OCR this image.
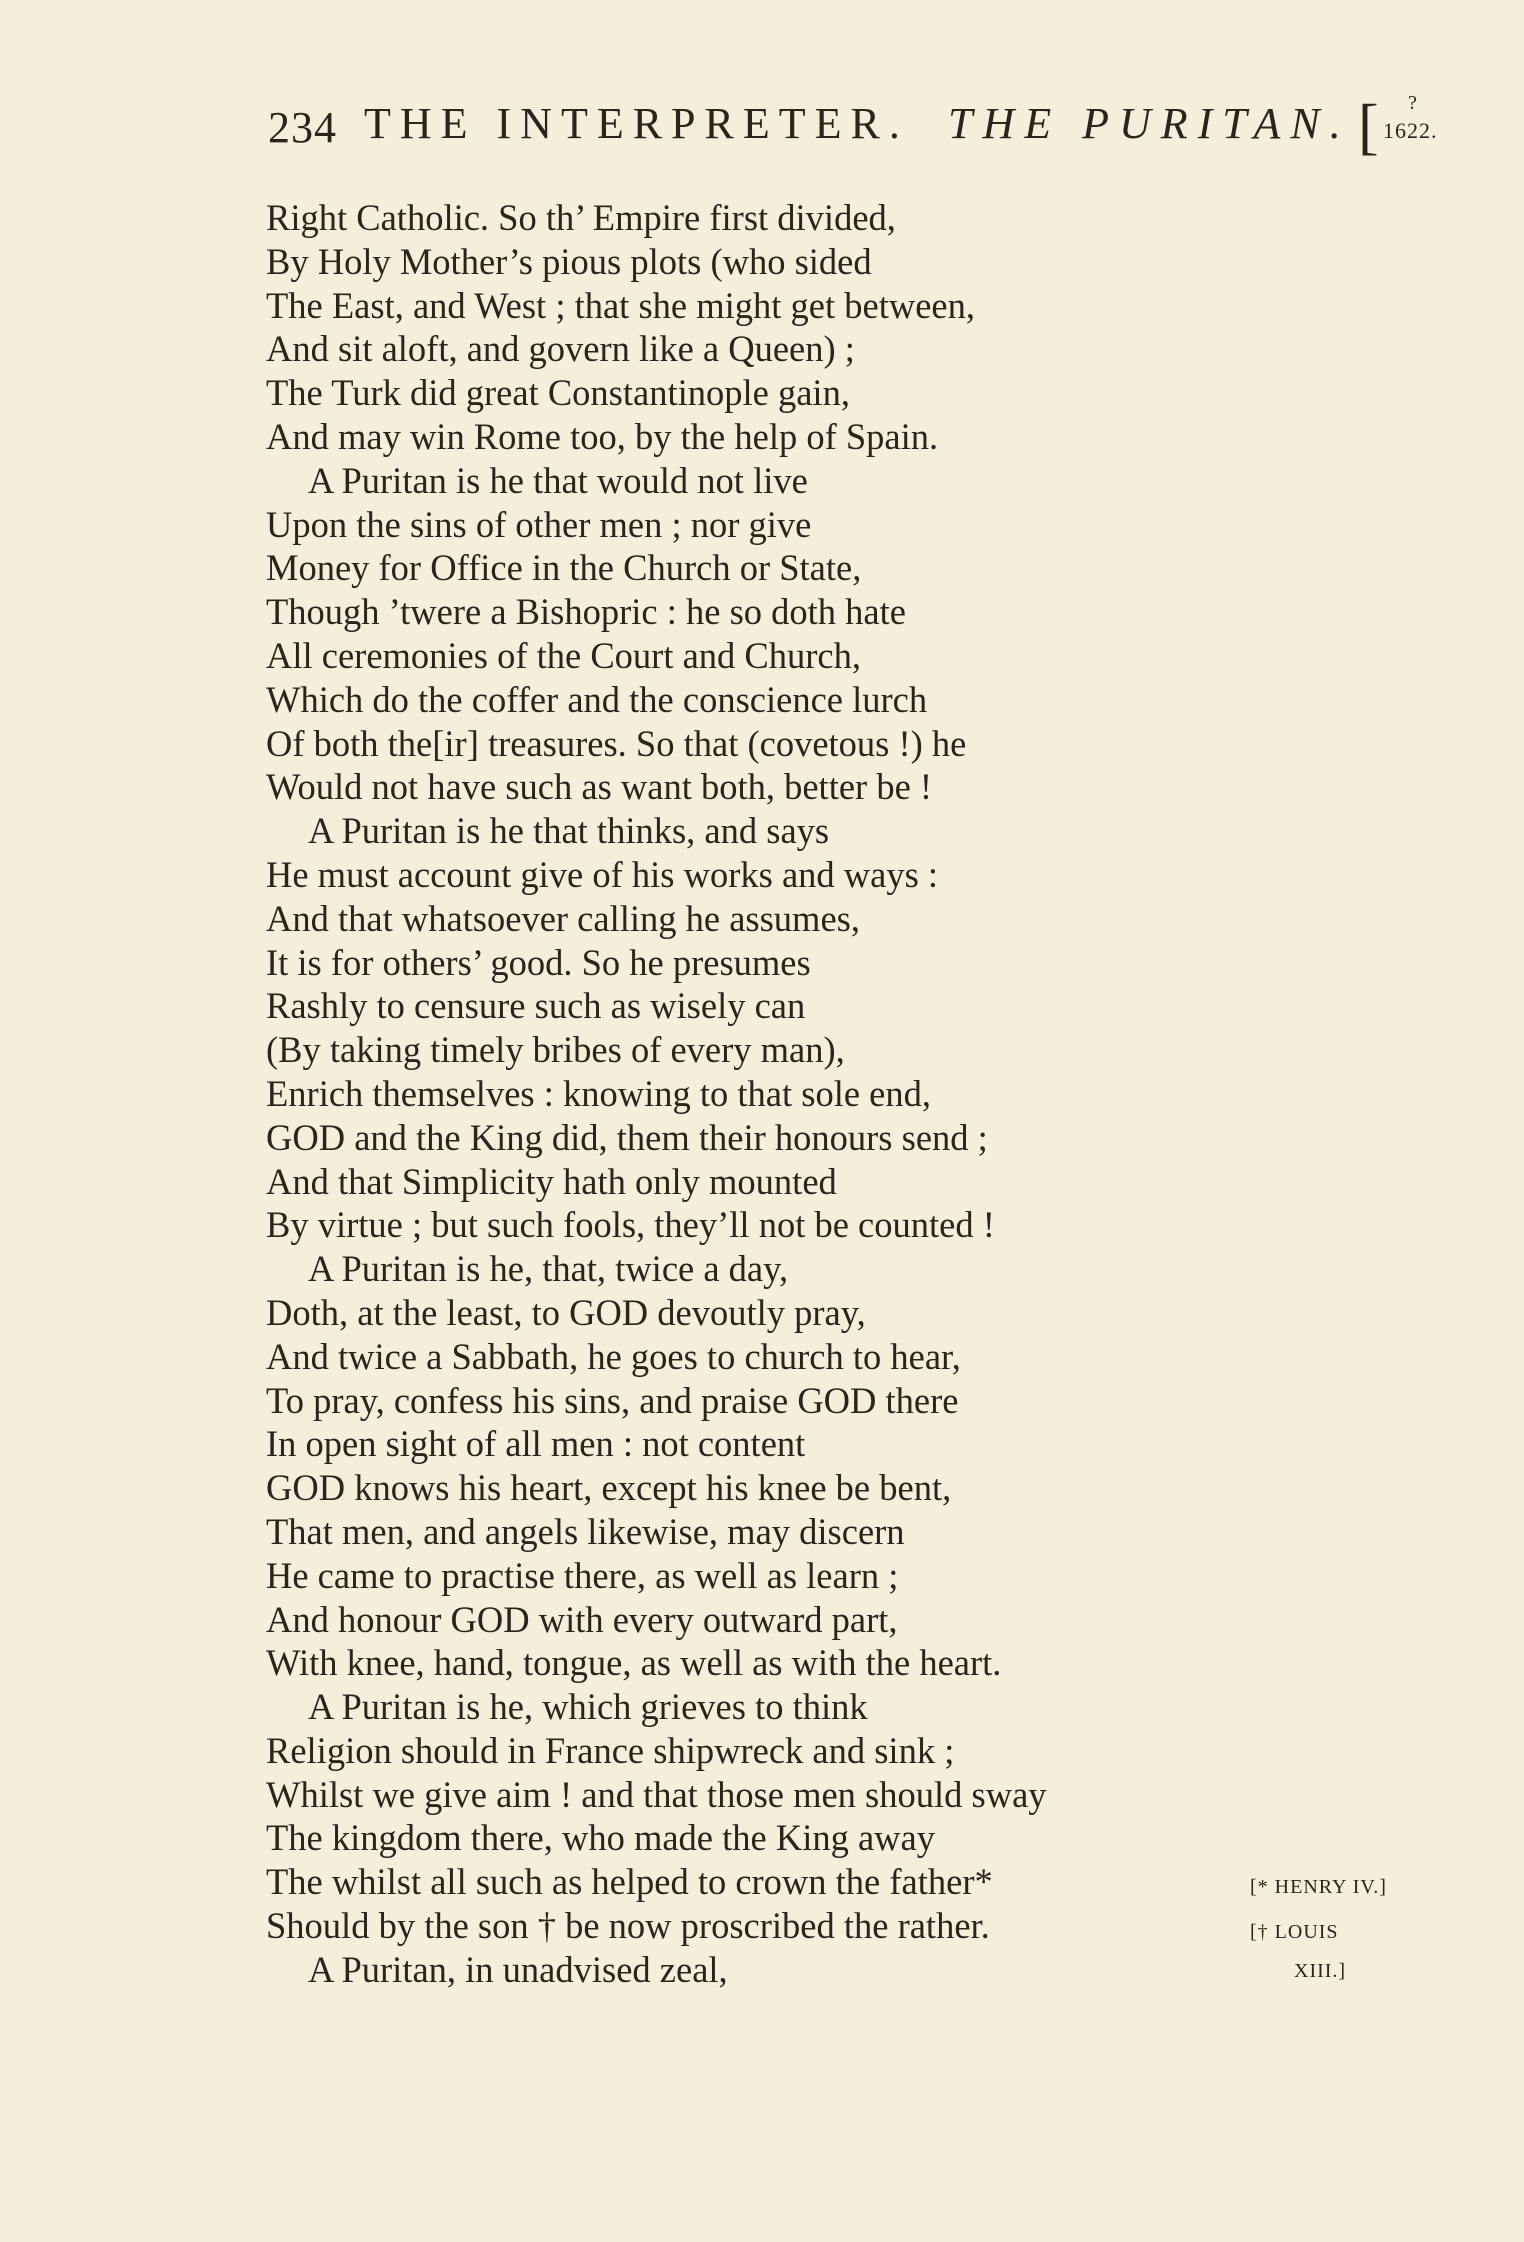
234 THE INTERPRETER. THE PURITAN. [ ?
1622.
Right Catholic. So th’ Empire first divided,
By Holy Mother’s pious plots (who sided
The East, and West ; that she might get between,
And sit aloft, and govern like a Queen) ;
The Turk did great Constantinople gain,
And may win Rome too, by the help of Spain.
A Puritan is he that would not live
Upon the sins of other men ; nor give
Money for Office in the Church or State,
Though ’twere a Bishopric : he so doth hate
All ceremonies of the Court and Church,
Which do the coffer and the conscience lurch
Of both the[ir] treasures. So that (covetous !) he
Would not have such as want both, better be !
A Puritan is he that thinks, and says
He must account give of his works and ways :
And that whatsoever calling he assumes,
It is for others’ good. So he presumes
Rashly to censure such as wisely can
(By taking timely bribes of every man),
Enrich themselves : knowing to that sole end,
GOD and the King did, them their honours send ;
And that Simplicity hath only mounted
By virtue ; but such fools, they’ll not be counted !
A Puritan is he, that, twice a day,
Doth, at the least, to GOD devoutly pray,
And twice a Sabbath, he goes to church to hear,
To pray, confess his sins, and praise GOD there
In open sight of all men : not content
GOD knows his heart, except his knee be bent,
That men, and angels likewise, may discern
He came to practise there, as well as learn ;
And honour GOD with every outward part,
With knee, hand, tongue, as well as with the heart.
A Puritan is he, which grieves to think
Religion should in France shipwreck and sink ;
Whilst we give aim ! and that those men should sway
The kingdom there, who made the King away
The whilst all such as helped to crown the father*
Should by the son † be now proscribed the rather.
A Puritan, in unadvised zeal,
[* HENRY IV.]
[† LOUIS
XIII.]
